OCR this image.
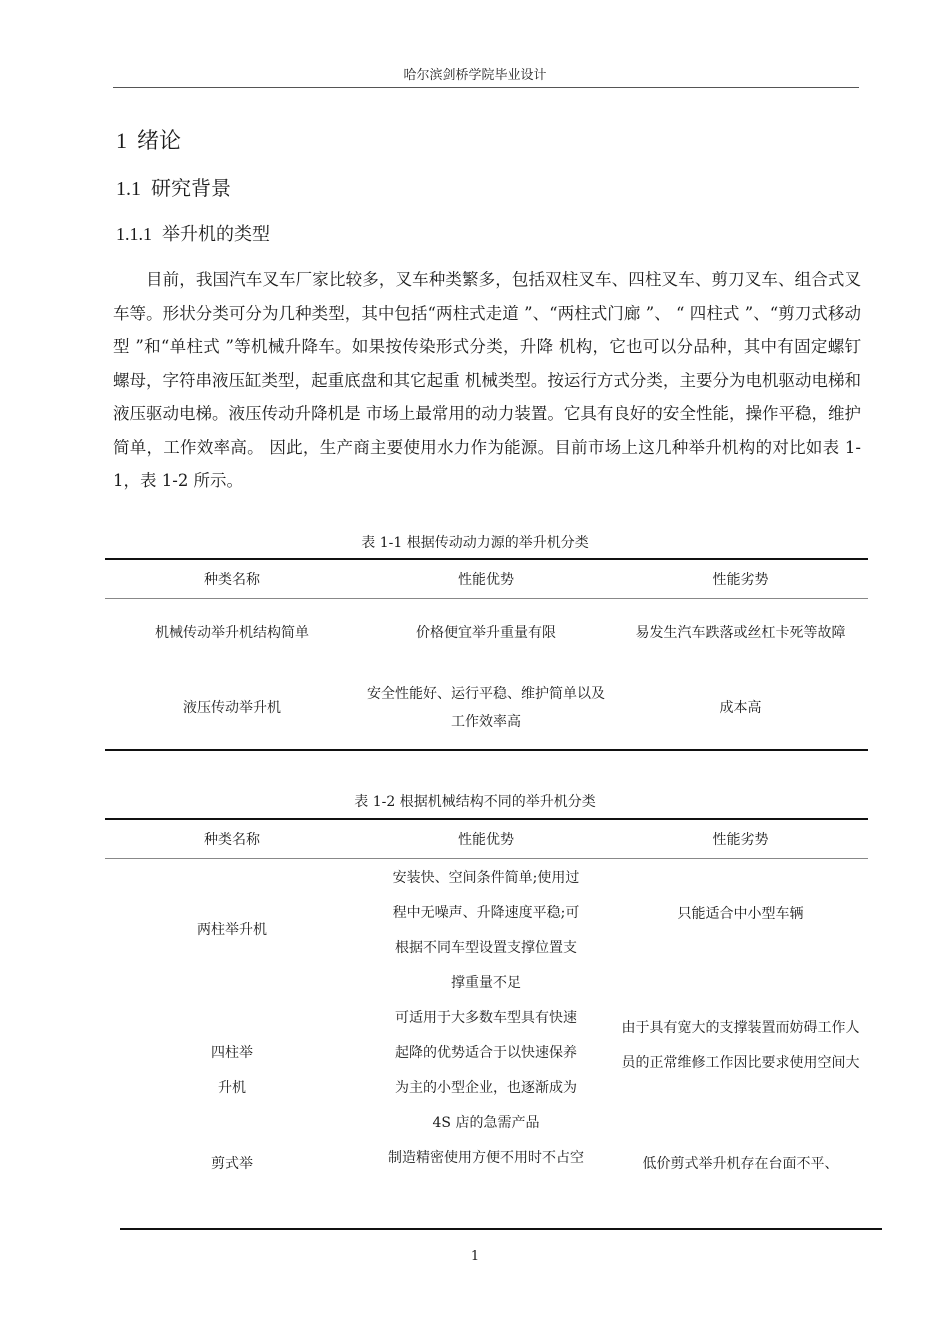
哈尔滨剑桥学院毕业设计
1 绪论
1.1 研究背景
1.1.1 举升机的类型

目前，我国汽车叉车厂家比较多，叉车种类繁多，包括双柱叉车、四柱叉车、剪刀叉车、组合式叉车等。形状分类可分为几种类型，其中包括“两柱式走道 ”、“两柱式门廊 ”、 “ 四柱式 ”、“剪刀式移动型 ”和“单柱式 ”等机械升降车。如果按传染形式分类，升降 机构，它也可以分品种，其中有固定螺钉螺母，字符串液压缸类型，起重底盘和其它起重 机械类型。按运行方式分类，主要分为电机驱动电梯和液压驱动电梯。液压传动升降机是 市场上最常用的动力装置。它具有良好的安全性能，操作平稳，维护简单，工作效率高。 因此，生产商主要使用水力作为能源。目前市场上这几种举升机构的对比如表 1-1，表 1-2 所示。

表 1-1 根据传动动力源的举升机分类
种类名称	性能优势	性能劣势
机械传动举升机结构简单	价格便宜举升重量有限	易发生汽车跌落或丝杠卡死等故障
液压传动举升机	安全性能好、运行平稳、维护简单以及工作效率高	成本高
表 1-2 根据机械结构不同的举升机分类
种类名称	性能优势	性能劣势
两柱举升机	安装快、空间条件简单;使用过程中无噪声、升降速度平稳;可根据不同车型设置支撑位置支撑重量不足	只能适合中小型车辆
四柱举升机	可适用于大多数车型具有快速起降的优势适合于以快速保养为主的小型企业，也逐渐成为 4S 店的急需产品	由于具有宽大的支撑装置而妨碍工作人员的正常维修工作因比要求使用空间大
剪式举	制造精密使用方便不用时不占空	低价剪式举升机存在台面不平、
1
